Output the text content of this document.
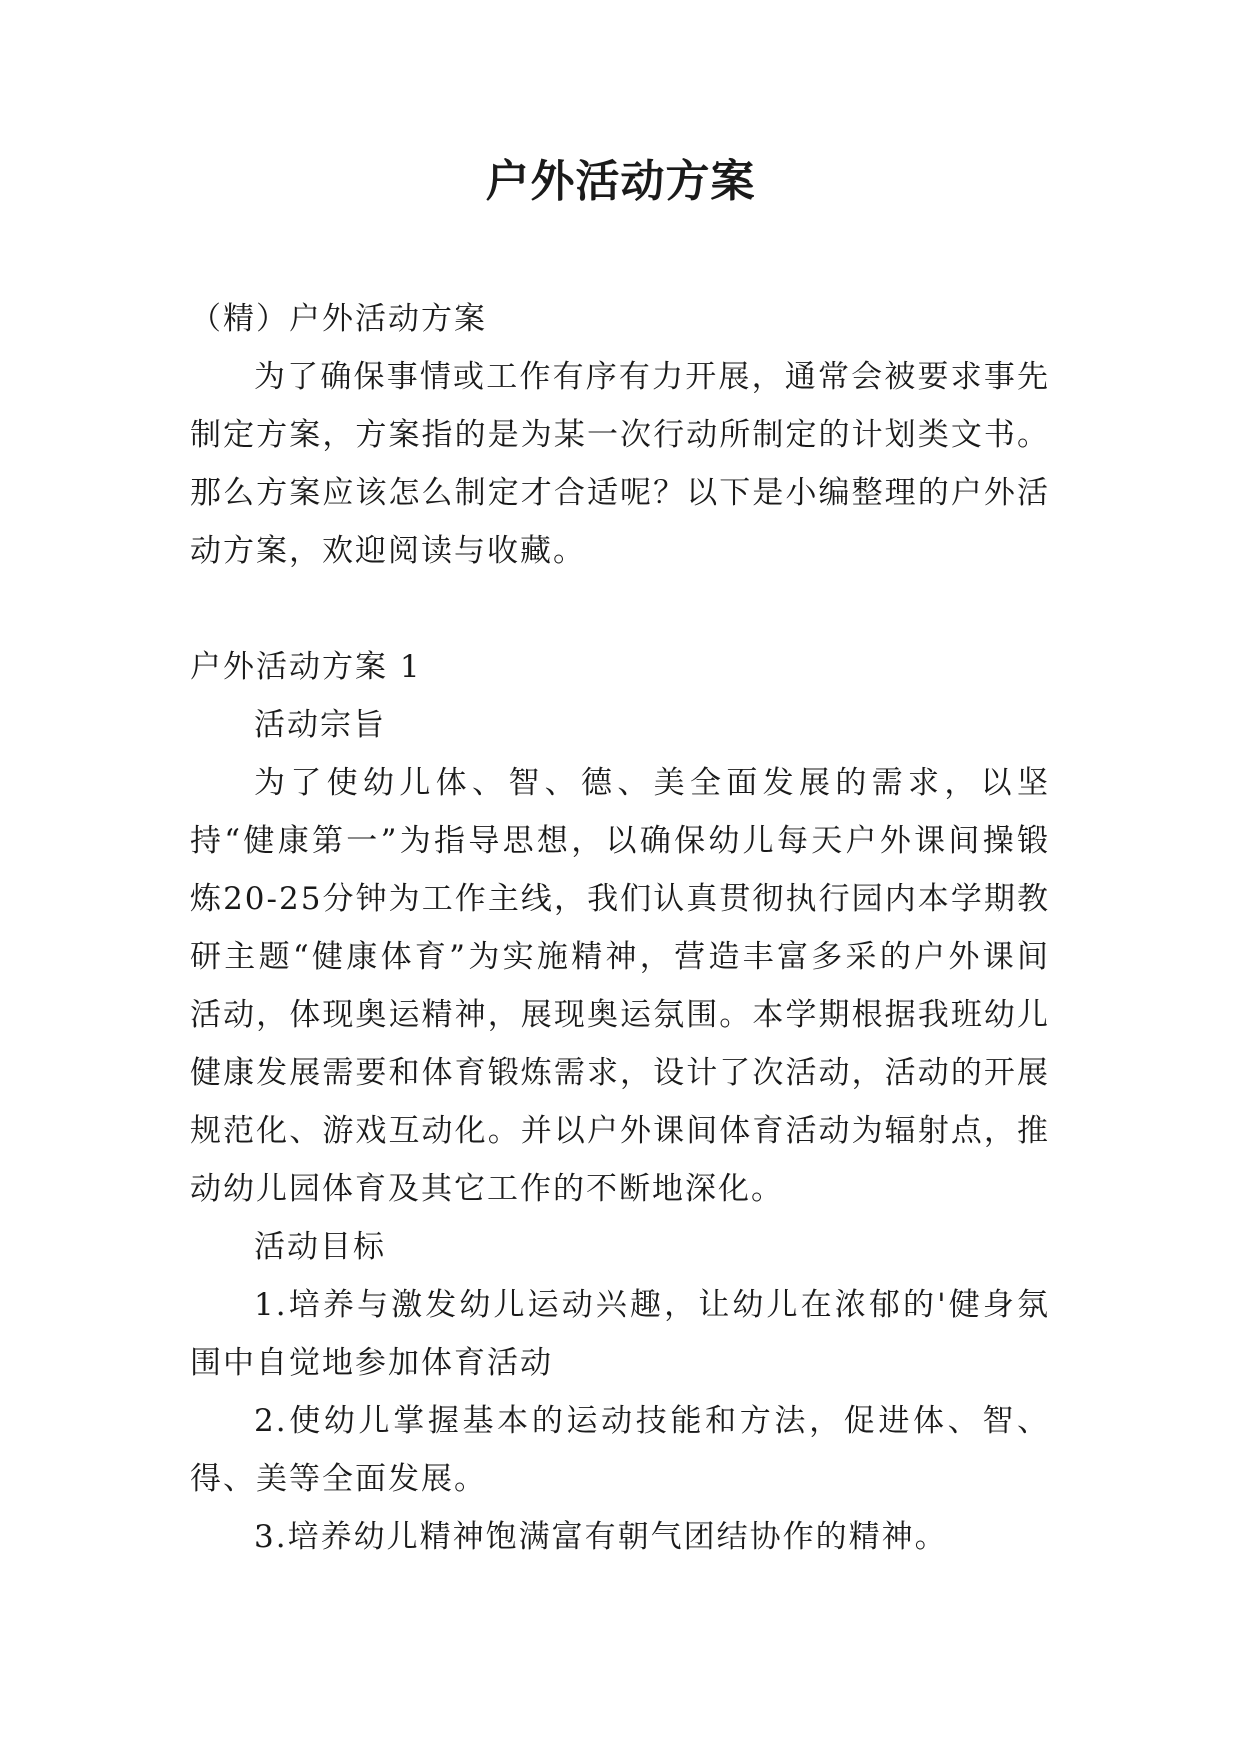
户外活动方案

（精）户外活动方案

为了确保事情或工作有序有力开展，通常会被要求事先制定方案，方案指的是为某一次行动所制定的计划类文书。那么方案应该怎么制定才合适呢？以下是小编整理的户外活动方案，欢迎阅读与收藏。

户外活动方案 1

活动宗旨

为了使幼儿体、智、德、美全面发展的需求，以坚持“健康第一”为指导思想，以确保幼儿每天户外课间操锻炼20-25分钟为工作主线，我们认真贯彻执行园内本学期教研主题“健康体育”为实施精神，营造丰富多采的户外课间活动，体现奥运精神，展现奥运氛围。本学期根据我班幼儿健康发展需要和体育锻炼需求，设计了次活动，活动的开展规范化、游戏互动化。并以户外课间体育活动为辐射点，推动幼儿园体育及其它工作的不断地深化。

活动目标

1.培养与激发幼儿运动兴趣，让幼儿在浓郁的'健身氛围中自觉地参加体育活动

2.使幼儿掌握基本的运动技能和方法，促进体、智、得、美等全面发展。

3.培养幼儿精神饱满富有朝气团结协作的精神。
